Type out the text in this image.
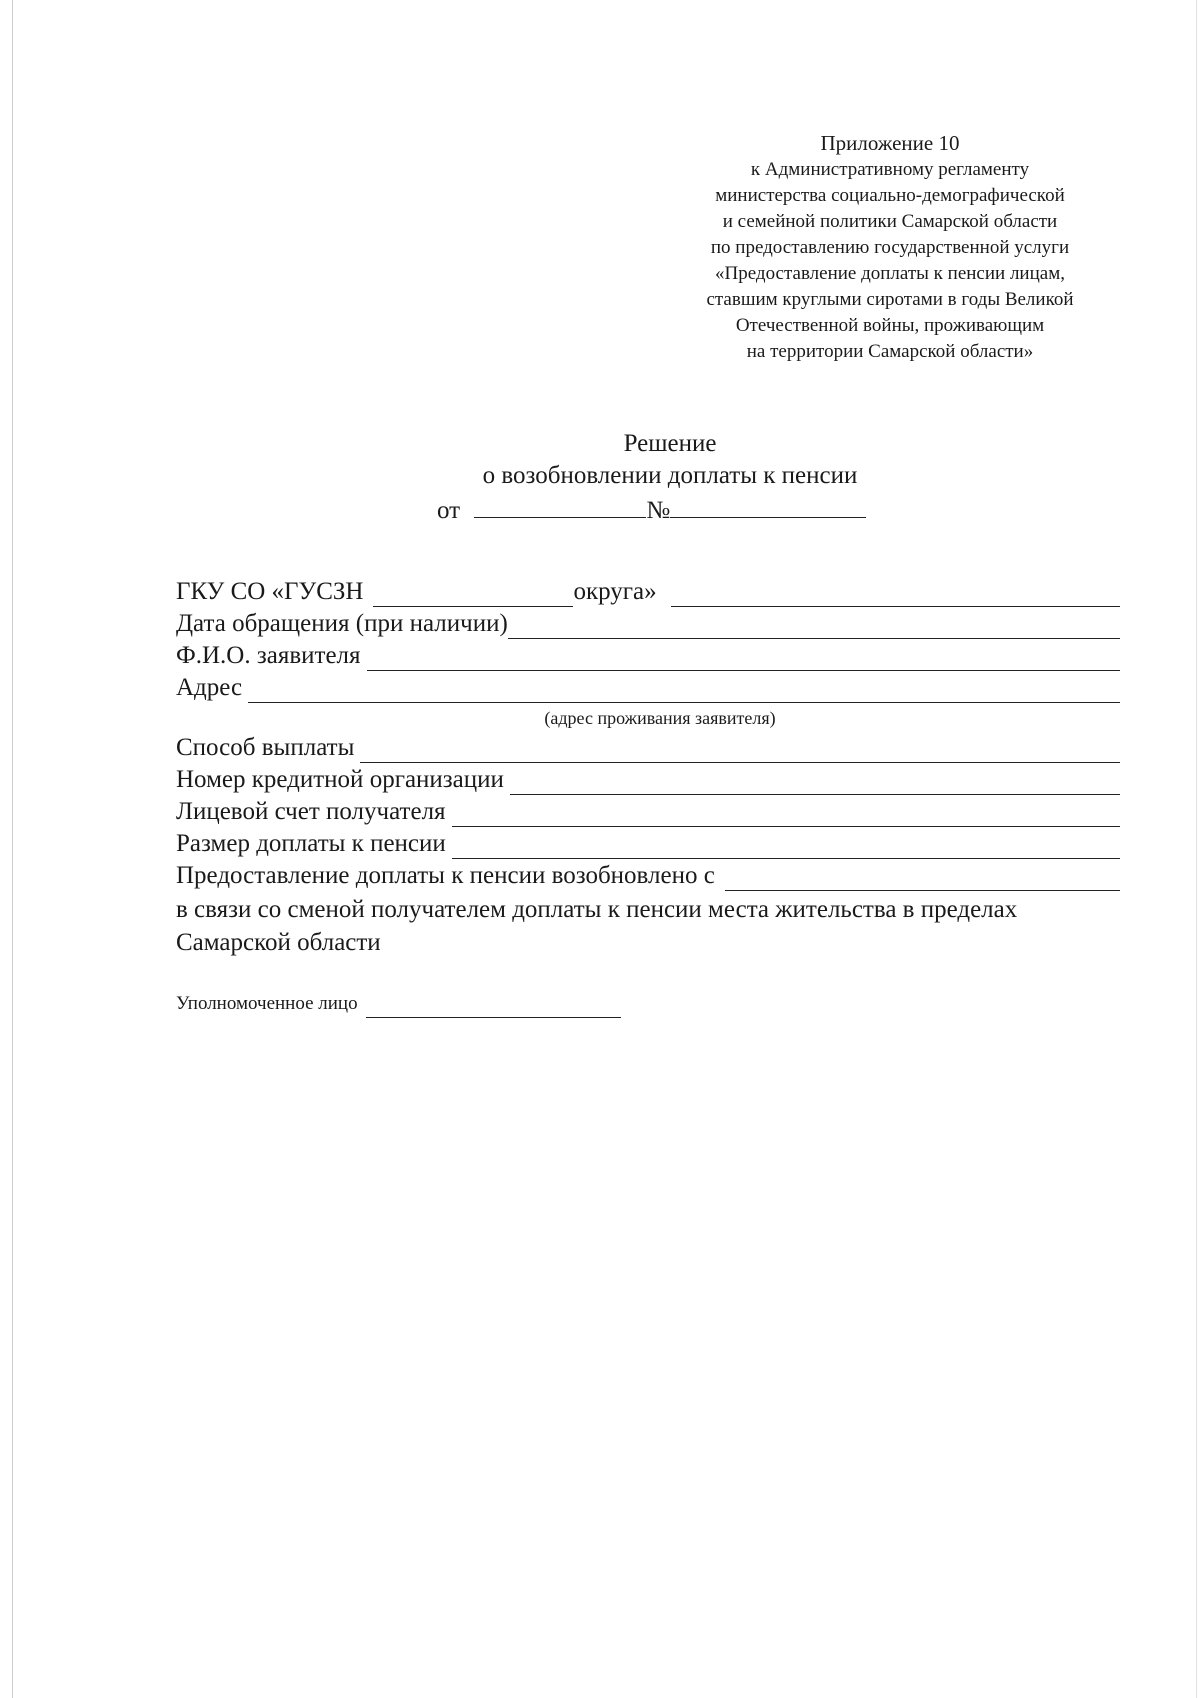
Приложение 10
к Административному регламенту
министерства социально-демографической
и семейной политики Самарской области
по предоставлению государственной услуги
«Предоставление доплаты к пенсии лицам,
ставшим круглыми сиротами в годы Великой
Отечественной войны, проживающим
на территории Самарской области»
Решение
о возобновлении доплаты к пенсии
от	№
ГКУ СО «ГУСЗН	округа»
Дата обращения (при наличии)
Ф.И.О. заявителя
Адрес
(адрес проживания заявителя)
Способ выплаты
Номер кредитной организации
Лицевой счет получателя
Размер доплаты к пенсии
Предоставление доплаты к пенсии возобновлено с
в связи со сменой получателем доплаты к пенсии места жительства в пределах Самарской области
Уполномоченное лицо
